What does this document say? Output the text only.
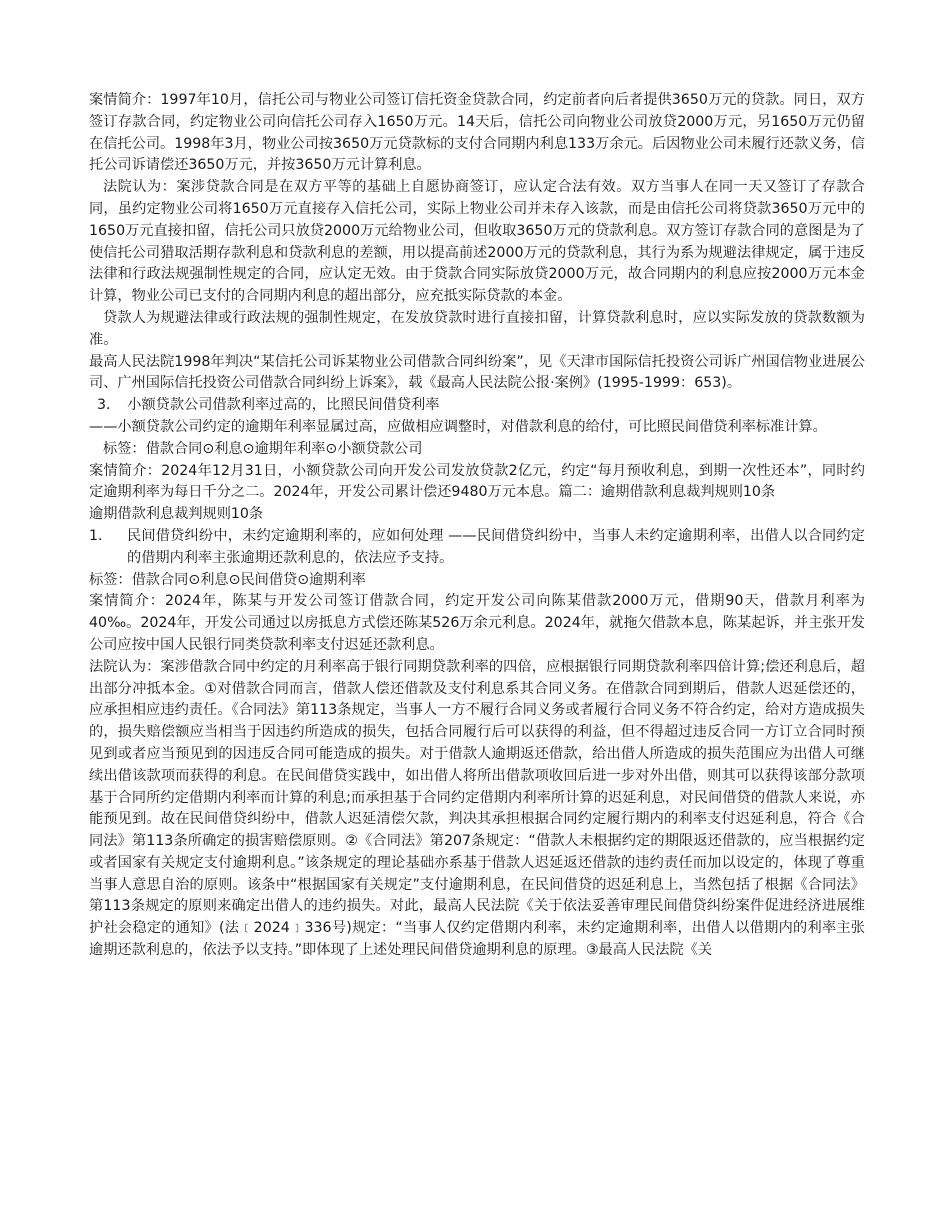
案情简介：1997年10月，信托公司与物业公司签订信托资金贷款合同，约定前者向后者提供3650万元的贷款。同日，双方签订存款合同，约定物业公司向信托公司存入1650万元。14天后，信托公司向物业公司放贷2000万元，另1650万元仍留在信托公司。1998年3月，物业公司按3650万元贷款标的支付合同期内利息133万余元。后因物业公司未履行还款义务，信托公司诉请偿还3650万元，并按3650万元计算利息。

法院认为：案涉贷款合同是在双方平等的基础上自愿协商签订，应认定合法有效。双方当事人在同一天又签订了存款合同，虽约定物业公司将1650万元直接存入信托公司，实际上物业公司并未存入该款，而是由信托公司将贷款3650万元中的1650万元直接扣留，信托公司只放贷2000万元给物业公司，但收取3650万元的贷款利息。双方签订存款合同的意图是为了使信托公司猎取活期存款利息和贷款利息的差额，用以提高前述2000万元的贷款利息，其行为系为规避法律规定，属于违反法律和行政法规强制性规定的合同，应认定无效。由于贷款合同实际放贷2000万元，故合同期内的利息应按2000万元本金计算，物业公司已支付的合同期内利息的超出部分，应充抵实际贷款的本金。

贷款人为规避法律或行政法规的强制性规定，在发放贷款时进行直接扣留，计算贷款利息时，应以实际发放的贷款数额为准。

最高人民法院1998年判决“某信托公司诉某物业公司借款合同纠纷案”，见《天津市国际信托投资公司诉广州国信物业进展公司、广州国际信托投资公司借款合同纠纷上诉案》，载《最高人民法院公报·案例》(1995-1999：653)。

3．　小额贷款公司借款利率过高的，比照民间借贷利率

——小额贷款公司约定的逾期年利率显属过高，应做相应调整时，对借款利息的给付，可比照民间借贷利率标准计算。

标签：借款合同⊙利息⊙逾期年利率⊙小额贷款公司

案情简介：2024年12月31日，小额贷款公司向开发公司发放贷款2亿元，约定“每月预收利息，到期一次性还本”，同时约定逾期利率为每日千分之二。2024年，开发公司累计偿还9480万元本息。篇二：逾期借款利息裁判规则10条

逾期借款利息裁判规则10条

1．	民间借贷纠纷中，未约定逾期利率的，应如何处理 ——民间借贷纠纷中，当事人未约定逾期利率，出借人以合同约定的借期内利率主张逾期还款利息的，依法应予支持。

标签：借款合同⊙利息⊙民间借贷⊙逾期利率

案情简介：2024年，陈某与开发公司签订借款合同，约定开发公司向陈某借款2000万元，借期90天，借款月利率为40‰。2024年，开发公司通过以房抵息方式偿还陈某526万余元利息。2024年，就拖欠借款本息，陈某起诉，并主张开发公司应按中国人民银行同类贷款利率支付迟延还款利息。

法院认为：案涉借款合同中约定的月利率高于银行同期贷款利率的四倍，应根据银行同期贷款利率四倍计算;偿还利息后，超出部分冲抵本金。①对借款合同而言，借款人偿还借款及支付利息系其合同义务。在借款合同到期后，借款人迟延偿还的，应承担相应违约责任。《合同法》第113条规定，当事人一方不履行合同义务或者履行合同义务不符合约定，给对方造成损失的，损失赔偿额应当相当于因违约所造成的损失，包括合同履行后可以获得的利益，但不得超过违反合同一方订立合同时预见到或者应当预见到的因违反合同可能造成的损失。对于借款人逾期返还借款，给出借人所造成的损失范围应为出借人可继续出借该款项而获得的利息。在民间借贷实践中，如出借人将所出借款项收回后进一步对外出借，则其可以获得该部分款项基于合同所约定借期内利率而计算的利息;而承担基于合同约定借期内利率所计算的迟延利息，对民间借贷的借款人来说，亦能预见到。故在民间借贷纠纷中，借款人迟延清偿欠款，判决其承担根据合同约定履行期内的利率支付迟延利息，符合《合同法》第113条所确定的损害赔偿原则。②《合同法》第207条规定：“借款人未根据约定的期限返还借款的，应当根据约定或者国家有关规定支付逾期利息。”该条规定的理论基础亦系基于借款人迟延返还借款的违约责任而加以设定的，体现了尊重当事人意思自治的原则。该条中“根据国家有关规定”支付逾期利息，在民间借贷的迟延利息上，当然包括了根据《合同法》第113条规定的原则来确定出借人的违约损失。对此，最高人民法院《关于依法妥善审理民间借贷纠纷案件促进经济进展维护社会稳定的通知》(法﹝2024﹞336号)规定：“当事人仅约定借期内利率，未约定逾期利率，出借人以借期内的利率主张逾期还款利息的，依法予以支持。”即体现了上述处理民间借贷逾期利息的原理。③最高人民法院《关
